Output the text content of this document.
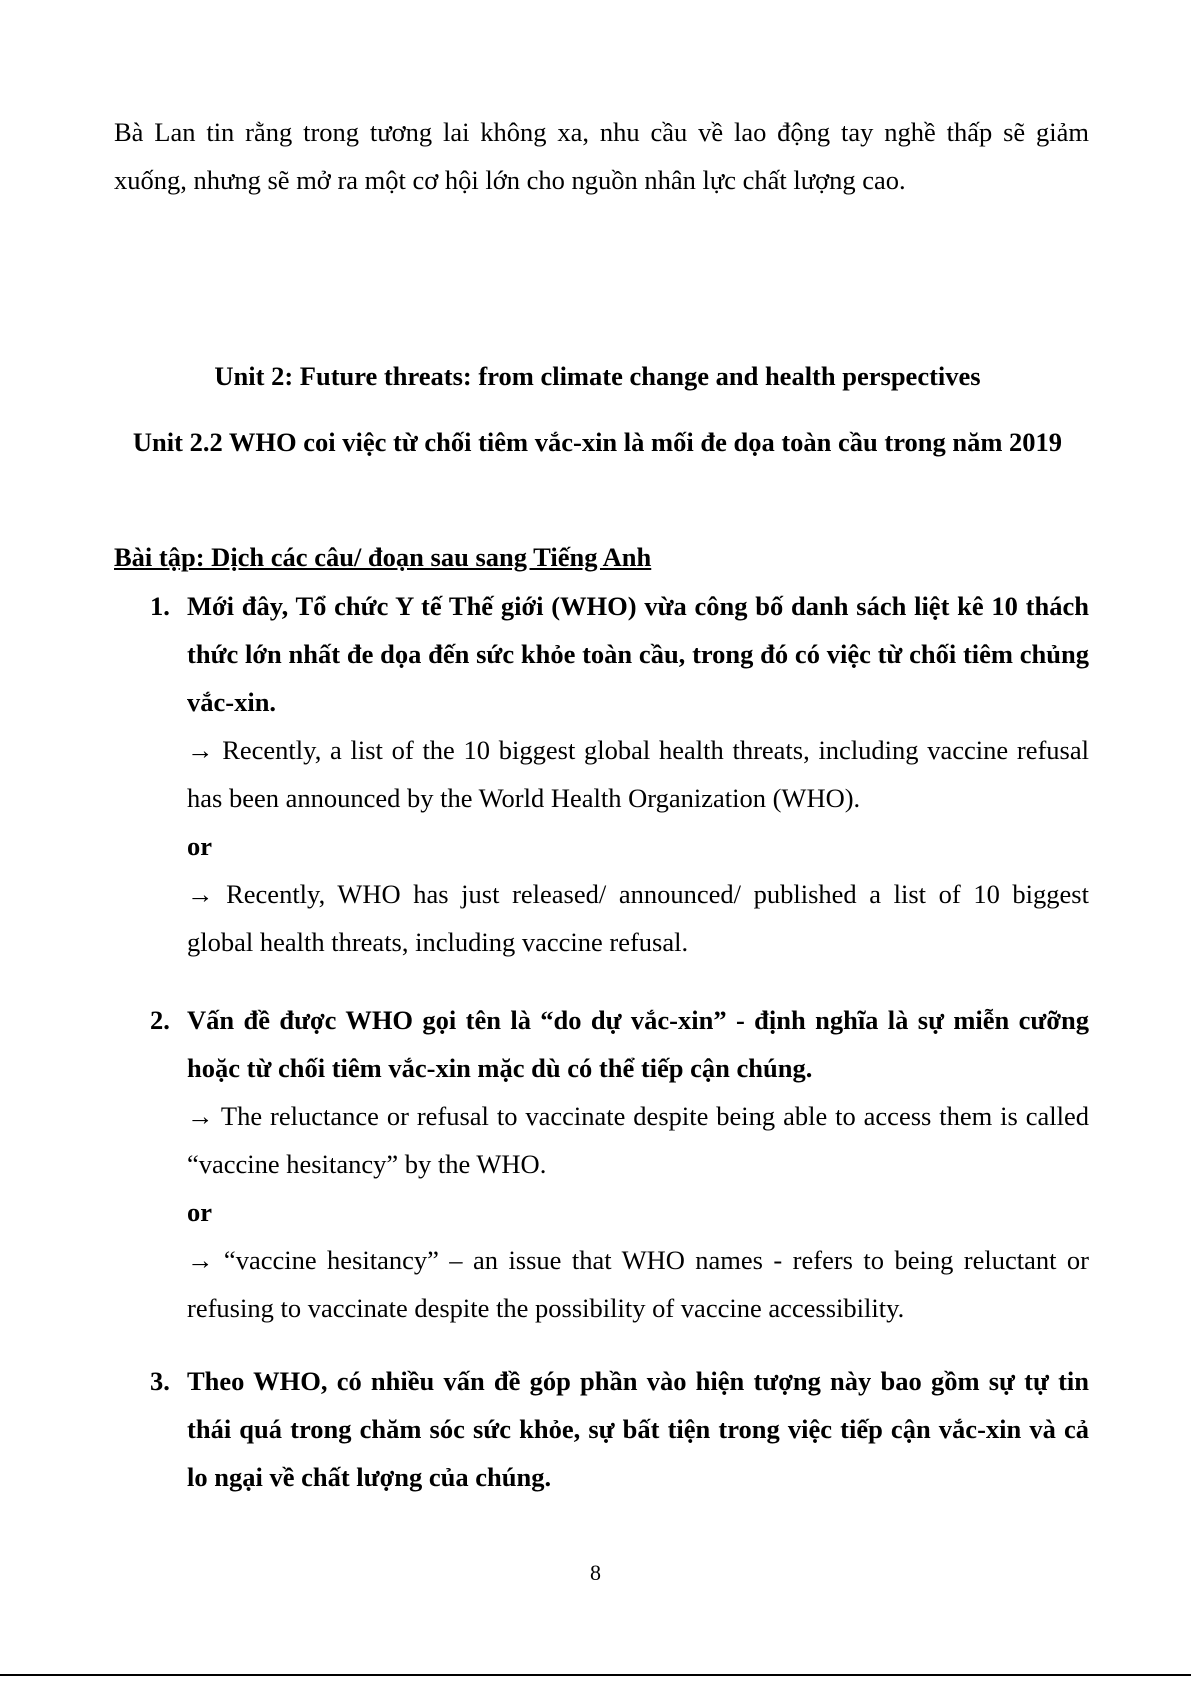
Bà Lan tin rằng trong tương lai không xa, nhu cầu về lao động tay nghề thấp sẽ giảm xuống, nhưng sẽ mở ra một cơ hội lớn cho nguồn nhân lực chất lượng cao.

Unit 2: Future threats: from climate change and health perspectives
Unit 2.2 WHO coi việc từ chối tiêm vắc-xin là mối đe dọa toàn cầu trong năm 2019
Bài tập: Dịch các câu/ đoạn sau sang Tiếng Anh
1. Mới đây, Tổ chức Y tế Thế giới (WHO) vừa công bố danh sách liệt kê 10 thách thức lớn nhất đe dọa đến sức khỏe toàn cầu, trong đó có việc từ chối tiêm chủng vắc-xin.

→ Recently, a list of the 10 biggest global health threats, including vaccine refusal has been announced by the World Health Organization (WHO).

or

→ Recently, WHO has just released/ announced/ published a list of 10 biggest global health threats, including vaccine refusal.

2. Vấn đề được WHO gọi tên là “do dự vắc-xin” - định nghĩa là sự miễn cưỡng hoặc từ chối tiêm vắc-xin mặc dù có thể tiếp cận chúng.

→ The reluctance or refusal to vaccinate despite being able to access them is called “vaccine hesitancy” by the WHO.

or

→ “vaccine hesitancy” – an issue that WHO names - refers to being reluctant or refusing to vaccinate despite the possibility of vaccine accessibility.

3. Theo WHO, có nhiều vấn đề góp phần vào hiện tượng này bao gồm sự tự tin thái quá trong chăm sóc sức khỏe, sự bất tiện trong việc tiếp cận vắc-xin và cả lo ngại về chất lượng của chúng.

8
